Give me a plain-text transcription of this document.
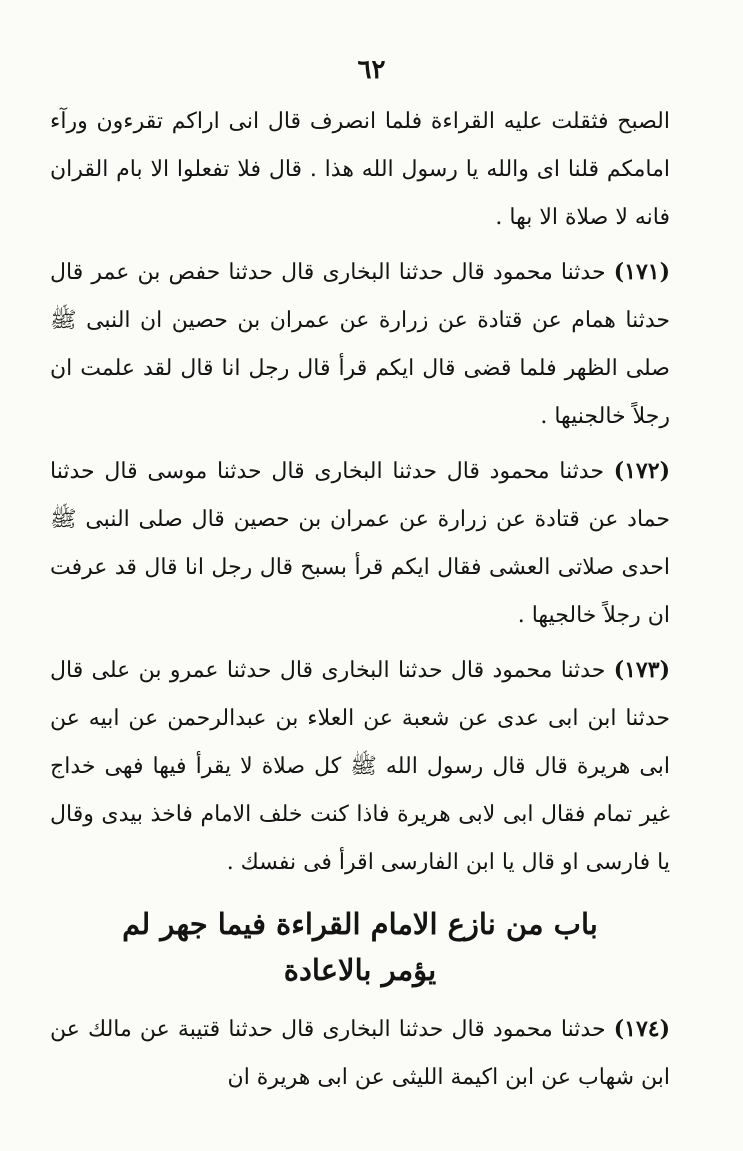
٦٢

الصبح فثقلت عليه القراءة فلما انصرف قال انى اراكم تقرءون ورآء امامكم قلنا اى والله يا رسول الله هذا . قال فلا تفعلوا الا بام القران فانه لا صلاة الا بها .

(١٧١) حدثنا محمود قال حدثنا البخارى قال حدثنا حفص بن عمر قال حدثنا همام عن قتادة عن زرارة عن عمران بن حصين ان النبى ﷺ صلى الظهر فلما قضى قال ايكم قرأ قال رجل انا قال لقد علمت ان رجلاً خالجنيها .

(١٧٢) حدثنا محمود قال حدثنا البخارى قال حدثنا موسى قال حدثنا حماد عن قتادة عن زرارة عن عمران بن حصين قال صلى النبى ﷺ احدى صلاتى العشى فقال ايكم قرأ بسبح قال رجل انا قال قد عرفت ان رجلاً خالجيها .

(١٧٣) حدثنا محمود قال حدثنا البخارى قال حدثنا عمرو بن على قال حدثنا ابن ابى عدى عن شعبة عن العلاء بن عبدالرحمن عن ابيه عن ابى هريرة قال قال رسول الله ﷺ كل صلاة لا يقرأ فيها فهى خداج غير تمام فقال ابى لابى هريرة فاذا كنت خلف الامام فاخذ بيدى وقال يا فارسى او قال يا ابن الفارسى اقرأ فى نفسك .

باب من نازع الامام القراءة فيما جهر لم
يؤمر بالاعادة

(١٧٤) حدثنا محمود قال حدثنا البخارى قال حدثنا قتيبة عن مالك عن ابن شهاب عن ابن اكيمة الليثى عن ابى هريرة ان
